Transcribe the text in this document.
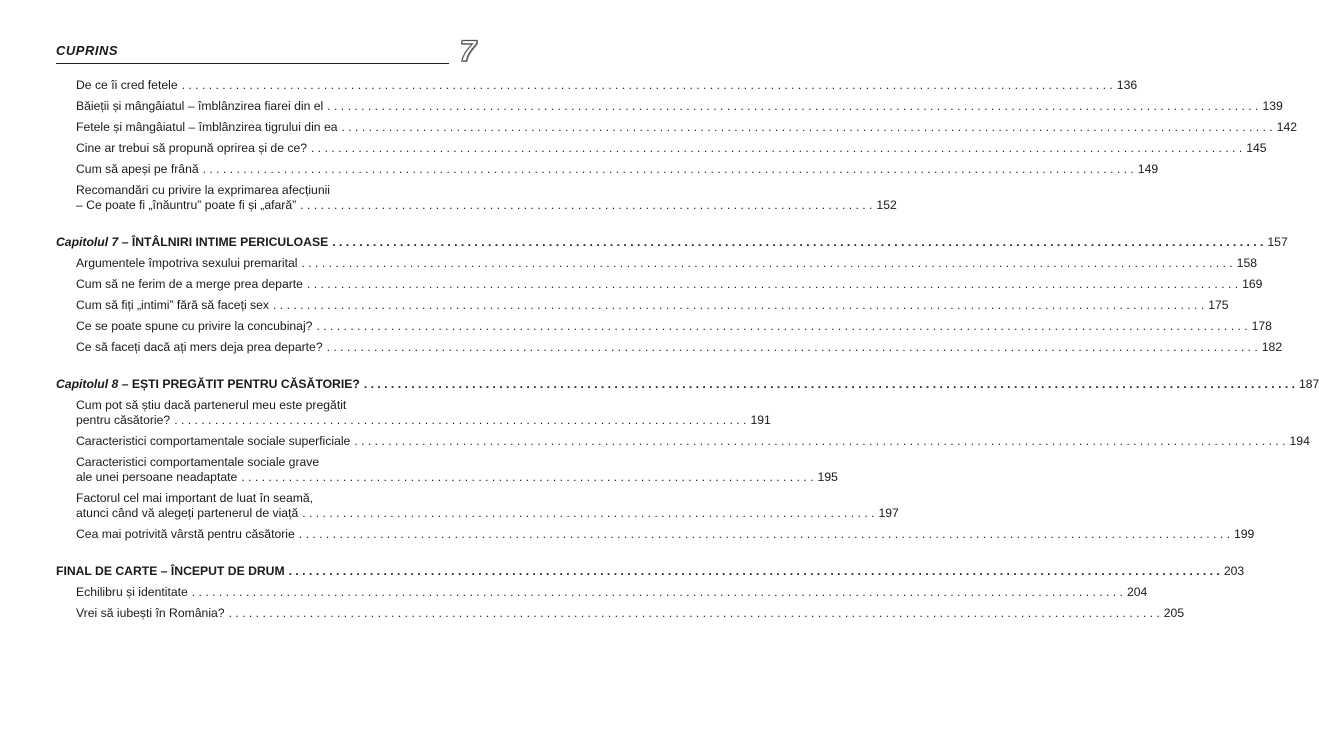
CUPRINS	7
De ce îi cred fetele . . .	136
Băieții și mângâiatul – îmblânzirea fiarei din el . . .	139
Fetele și mângâiatul – îmblânzirea tigrului din ea . . .	142
Cine ar trebui să propună oprirea și de ce? . . .	145
Cum să apeși pe frână . . .	149
Recomandări cu privire la exprimarea afecțiunii
– Ce poate fi „înăuntru” poate fi și „afară” . . .	152
Capitolul 7 – ÎNTÂLNIRI INTIME PERICULOASE . . .	157
Argumentele împotriva sexului premarital . . .	158
Cum să ne ferim de a merge prea departe . . .	169
Cum să fiți „intimi” fără să faceți sex . . .	175
Ce se poate spune cu privire la concubinaj? . . .	178
Ce să faceți dacă ați mers deja prea departe? . . .	182
Capitolul 8 – EȘTI PREGĂTIT PENTRU CĂSĂTORIE? . . .	187
Cum pot să știu dacă partenerul meu este pregătit
pentru căsătorie? . . .	191
Caracteristici comportamentale sociale superficiale . . .	194
Caracteristici comportamentale sociale grave
ale unei persoane neadaptate . . .	195
Factorul cel mai important de luat în seamă,
atunci când vă alegeți partenerul de viață . . .	197
Cea mai potrivită vârstă pentru căsătorie . . .	199
FINAL DE CARTE – ÎNCEPUT DE DRUM . . .	203
Echilibru și identitate . . .	204
Vrei să iubești în România? . . .	205
